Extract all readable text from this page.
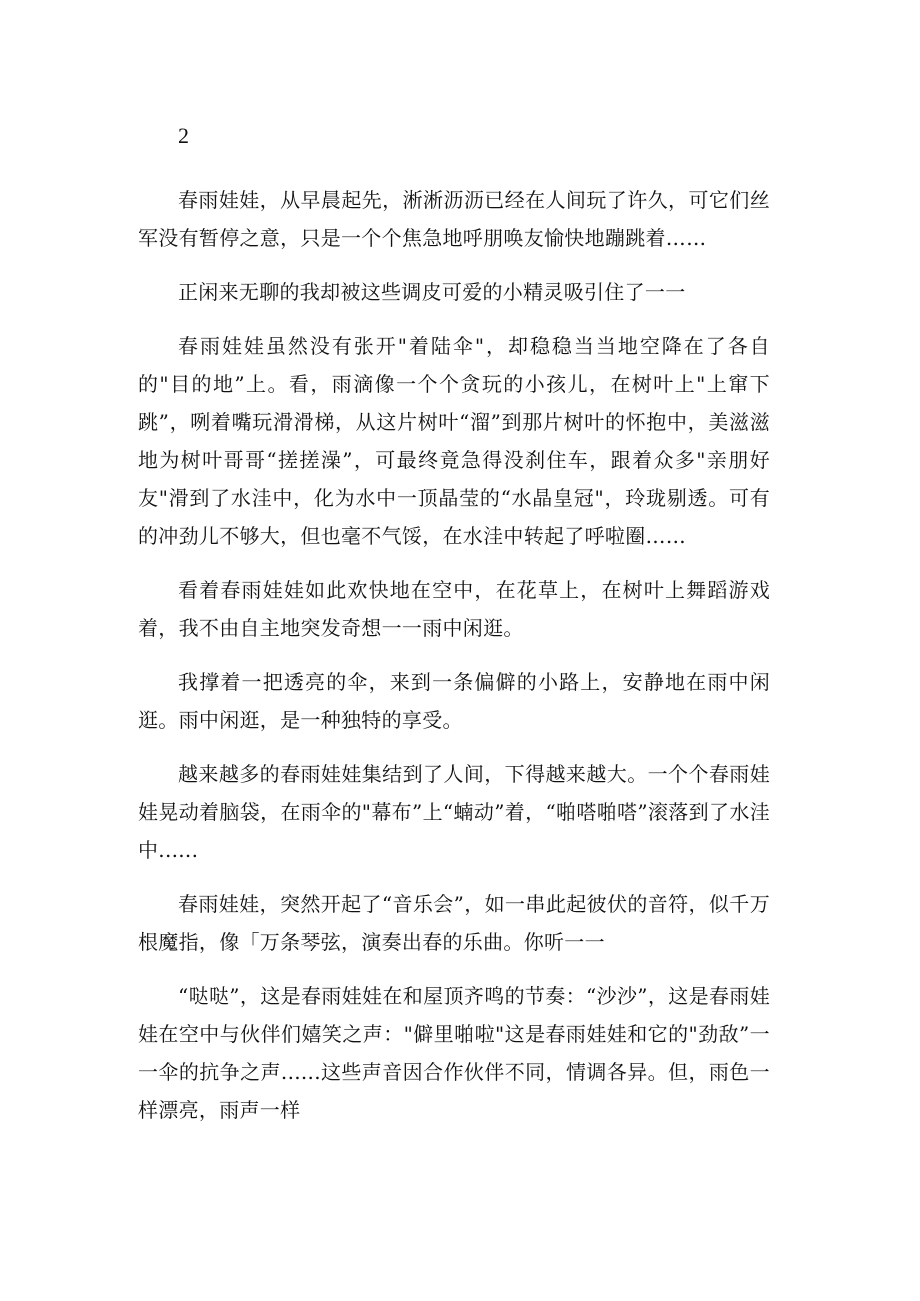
2

春雨娃娃，从早晨起先，淅淅沥沥已经在人间玩了许久，可它们丝军没有暂停之意，只是一个个焦急地呼朋唤友愉快地蹦跳着……

正闲来无聊的我却被这些调皮可爱的小精灵吸引住了一一

春雨娃娃虽然没有张开"着陆伞"，却稳稳当当地空降在了各自的"目的地”上。看，雨滴像一个个贪玩的小孩儿，在树叶上"上窜下跳”，咧着嘴玩滑滑梯，从这片树叶“溜”到那片树叶的怀抱中，美滋滋地为树叶哥哥“搓搓澡”，可最终竟急得没刹住车，跟着众多"亲朋好友"滑到了水洼中，化为水中一顶晶莹的“水晶皇冠"，玲珑剔透。可有的冲劲儿不够大，但也毫不气馁，在水洼中转起了呼啦圈……

看着春雨娃娃如此欢快地在空中，在花草上，在树叶上舞蹈游戏着，我不由自主地突发奇想一一雨中闲逛。

我撑着一把透亮的伞，来到一条偏僻的小路上，安静地在雨中闲逛。雨中闲逛，是一种独特的享受。

越来越多的春雨娃娃集结到了人间，下得越来越大。一个个春雨娃娃晃动着脑袋，在雨伞的"幕布”上“蝻动”着，“啪嗒啪嗒”滚落到了水洼中......

春雨娃娃，突然开起了“音乐会”，如一串此起彼伏的音符，似千万根魔指，像「万条琴弦，演奏出春的乐曲。你听一一

“哒哒”，这是春雨娃娃在和屋顶齐鸣的节奏：“沙沙”，这是春雨娃娃在空中与伙伴们嬉笑之声："僻里啪啦"这是春雨娃娃和它的"劲敌”一一伞的抗争之声......这些声音因合作伙伴不同，情调各异。但，雨色一样漂亮，雨声一样
